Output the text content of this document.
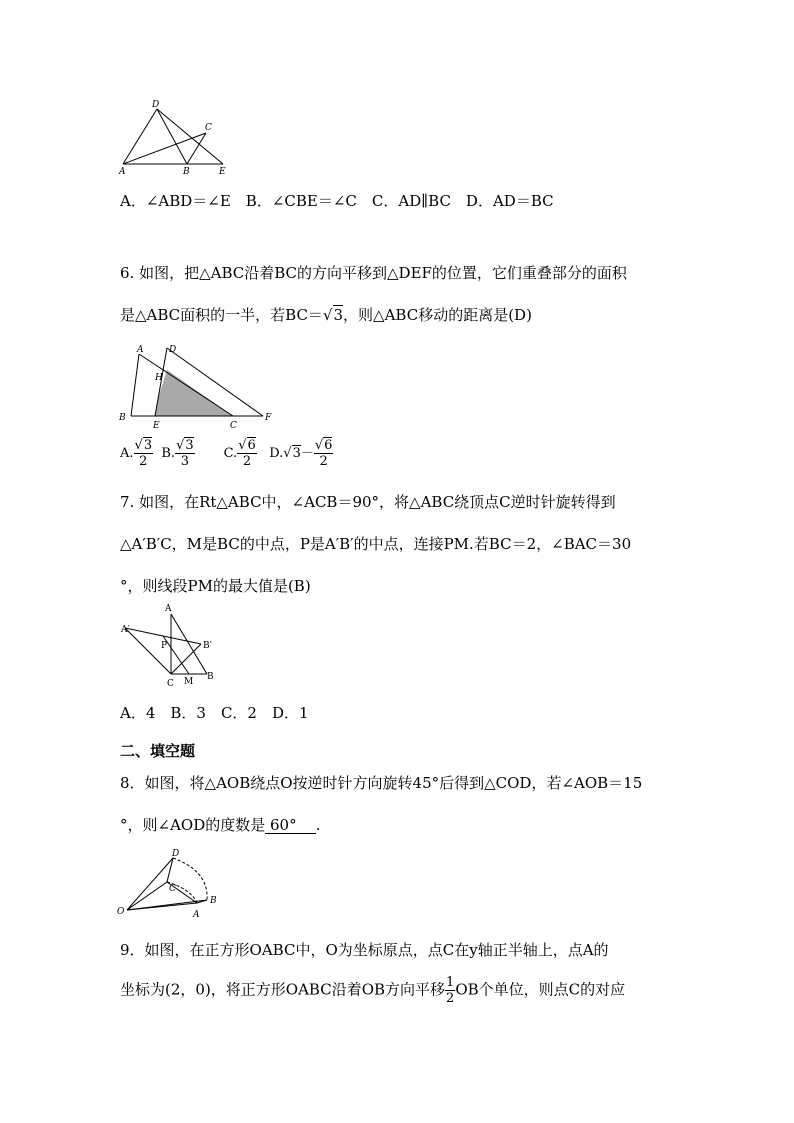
D
C
A	B	E
A．∠ABD＝∠E　B．∠CBE＝∠C　C．AD∥BC　D．AD＝BC
6. 如图，把△ABC沿着BC的方向平移到△DEF的位置，它们重叠部分的面积
是△ABC面积的一半，若BC＝√3，则△ABC移动的距离是(D)
A	D
H
B
E	C
F
A. $\frac{√3}{2} B$. $\frac{√3}{3} C$. $\frac{√6}{2} D.√3- \frac{√6}{2}$
7. 如图，在Rt△ABC中，∠ACB＝90°，将△ABC绕顶点C逆时针旋转得到
△A′B′C，M是BC的中点，P是A′B′的中点，连接PM.若BC＝2，∠BAC＝30
°，则线段PM的最大值是(B)
A
A′
P	B′
C M B
A．4　B．3　C．2　D．1
二、填空题
8．如图，将△AOB绕点O按逆时针方向旋转45°后得到△COD，若∠AOB＝15
°，则∠AOD的度数是 60° .
D
C
B
O	A
9．如图，在正方形OABC中，O为坐标原点，点C在y轴正半轴上，点A的
坐标为(2，0)，将正方形OABC沿着OB方向平移 $\frac{1}{2}$ OB个单位，则点C的对应
